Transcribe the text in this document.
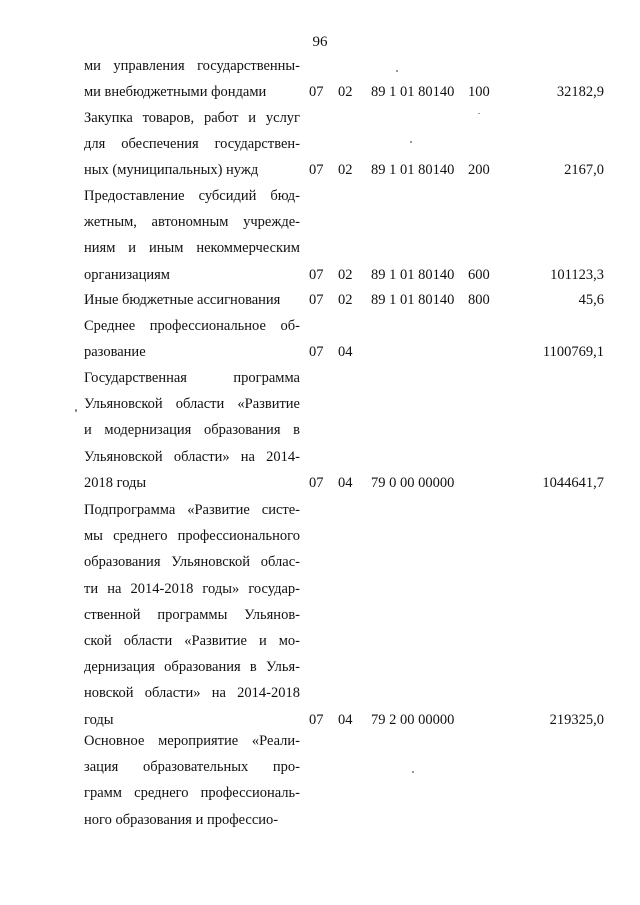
96
ми управления государственны-
ми внебюджетными фондами	07 02 89 1 01 80140 100	32182,9
Закупка товаров, работ и услуг
для обеспечения государствен-
ных (муниципальных) нужд	07 02 89 1 01 80140 200	2167,0
Предоставление субсидий бюд-
жетным, автономным учрежде-
ниям и иным некоммерческим
организациям	07 02 89 1 01 80140 600	101123,3
Иные бюджетные ассигнования	07 02 89 1 01 80140 800	45,6
Среднее профессиональное об-
разование	07 04	1100769,1
Государственная программа
Ульяновской области «Развитие
и модернизация образования в
Ульяновской области» на 2014-
2018 годы	07 04 79 0 00 00000	1044641,7
Подпрограмма «Развитие систе-
мы среднего профессионального
образования Ульяновской облас-
ти на 2014-2018 годы» государ-
ственной программы Ульянов-
ской области «Развитие и мо-
дернизация образования в Улья-
новской области» на 2014-2018
годы	07 04 79 2 00 00000	219325,0
Основное мероприятие «Реали-
зация образовательных про-
грамм среднего профессиональ-
ного образования и профессио-
